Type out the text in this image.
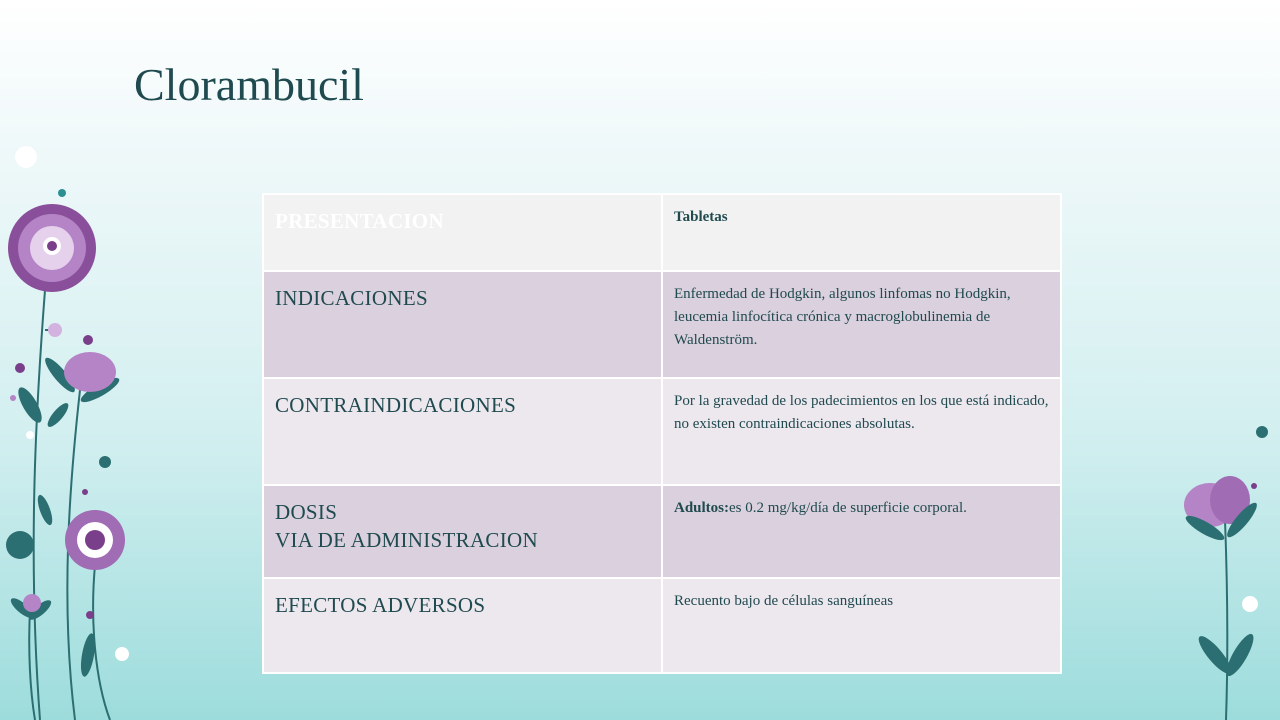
Clorambucil
PRESENTACION	Tabletas

INDICACIONES	Enfermedad de Hodgkin, algunos linfomas no Hodgkin, leucemia linfocítica crónica y macroglobulinemia de Waldenström.

CONTRAINDICACIONES	Por la gravedad de los padecimientos en los que está indicado, no existen contraindicaciones absolutas.

DOSIS
VIA DE ADMINISTRACION	Adultos:es 0.2 mg/kg/día de superficie corporal.

EFECTOS ADVERSOS	Recuento bajo de células sanguíneas
